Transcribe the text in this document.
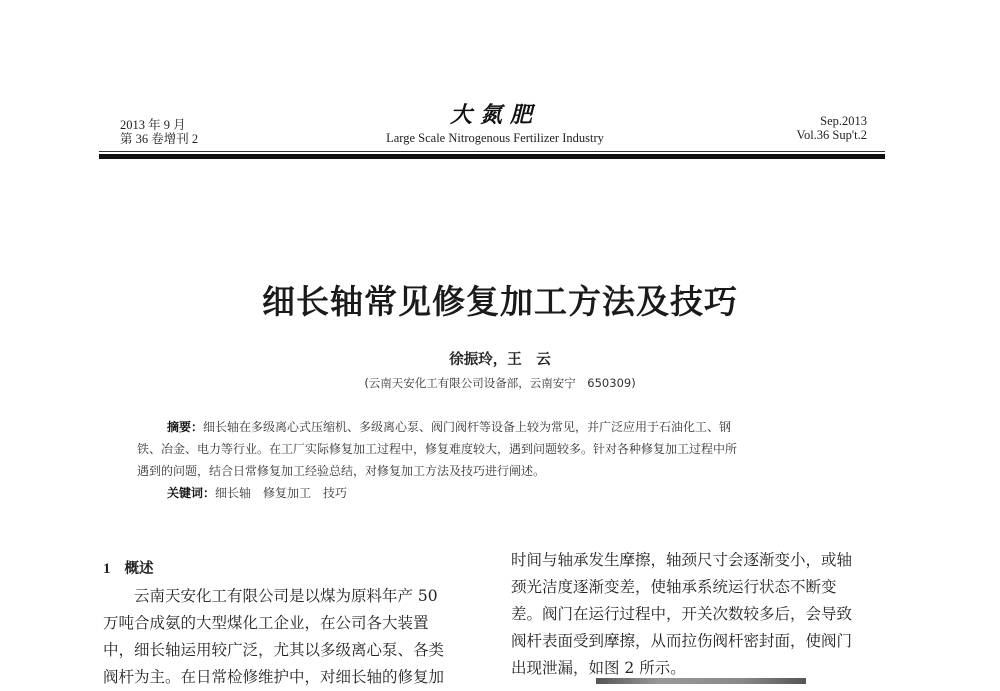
2013 年 9 月
第 36 卷增刊 2
大氮肥
Large Scale Nitrogenous Fertilizer Industry
Sep.2013
Vol.36 Sup't.2
细长轴常见修复加工方法及技巧
徐振玲，王　云
(云南天安化工有限公司设备部，云南安宁　650309)
摘要：细长轴在多级离心式压缩机、多级离心泵、阀门阀杆等设备上较为常见，并广泛应用于石油化工、钢
铁、冶金、电力等行业。在工厂实际修复加工过程中，修复难度较大，遇到问题较多。针对各种修复加工过程中所
遇到的问题，结合日常修复加工经验总结，对修复加工方法及技巧进行阐述。
关键词：细长轴　修复加工　技巧
1 概述
　　云南天安化工有限公司是以煤为原料年产 50
万吨合成氨的大型煤化工企业，在公司各大装置
中，细长轴运用较广泛，尤其以多级离心泵、各类
阀杆为主。在日常检修维护中，对细长轴的修复加
时间与轴承发生摩擦，轴颈尺寸会逐渐变小，或轴
颈光洁度逐渐变差，使轴承系统运行状态不断变
差。阀门在运行过程中，开关次数较多后，会导致
阀杆表面受到摩擦，从而拉伤阀杆密封面，使阀门
出现泄漏，如图 2 所示。
